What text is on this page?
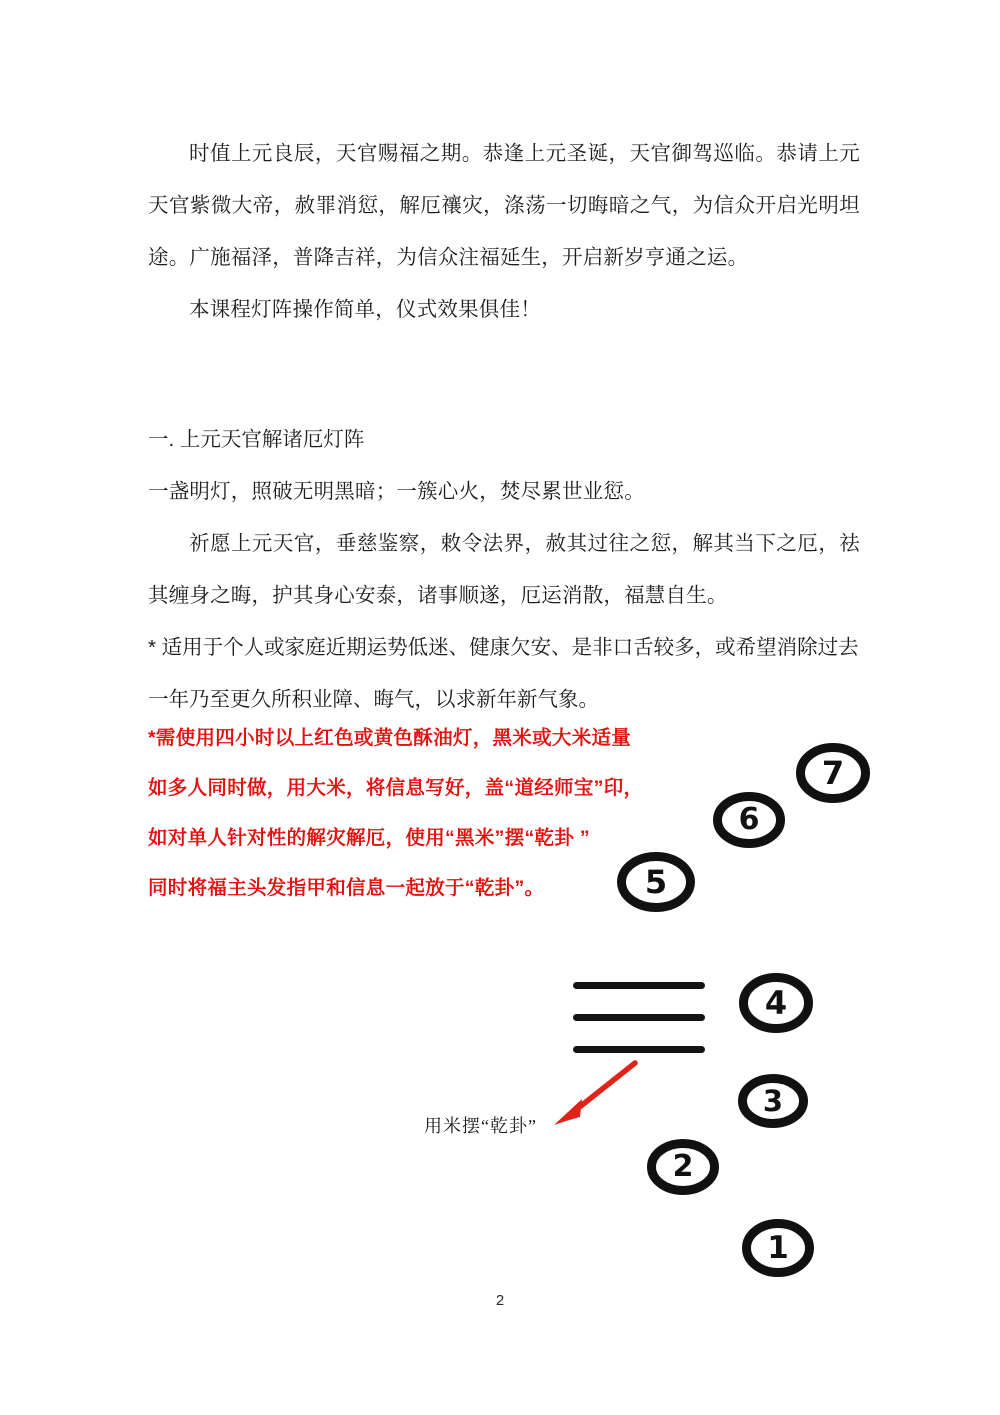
时值上元良辰，天官赐福之期。恭逢上元圣诞，天官御驾巡临。恭请上元天官紫微大帝，赦罪消愆，解厄禳灾，涤荡一切晦暗之气，为信众开启光明坦途。广施福泽，普降吉祥，为信众注福延生，开启新岁亨通之运。

本课程灯阵操作简单，仪式效果俱佳！

一. 上元天官解诸厄灯阵

一盏明灯，照破无明黑暗；一簇心火，焚尽累世业愆。

祈愿上元天官，垂慈鉴察，敕令法界，赦其过往之愆，解其当下之厄，祛其缠身之晦，护其身心安泰，诸事顺遂，厄运消散，福慧自生。

* 适用于个人或家庭近期运势低迷、健康欠安、是非口舌较多，或希望消除过去

一年乃至更久所积业障、晦气，以求新年新气象。

*需使用四小时以上红色或黄色酥油灯，黑米或大米适量

如多人同时做，用大米，将信息写好，盖“道经师宝”印，

如对单人针对性的解灾解厄，使用“黑米”摆“乾卦 ”

同时将福主头发指甲和信息一起放于“乾卦”。

用米摆“乾卦”
1
2
3
4
5
6
7
2
